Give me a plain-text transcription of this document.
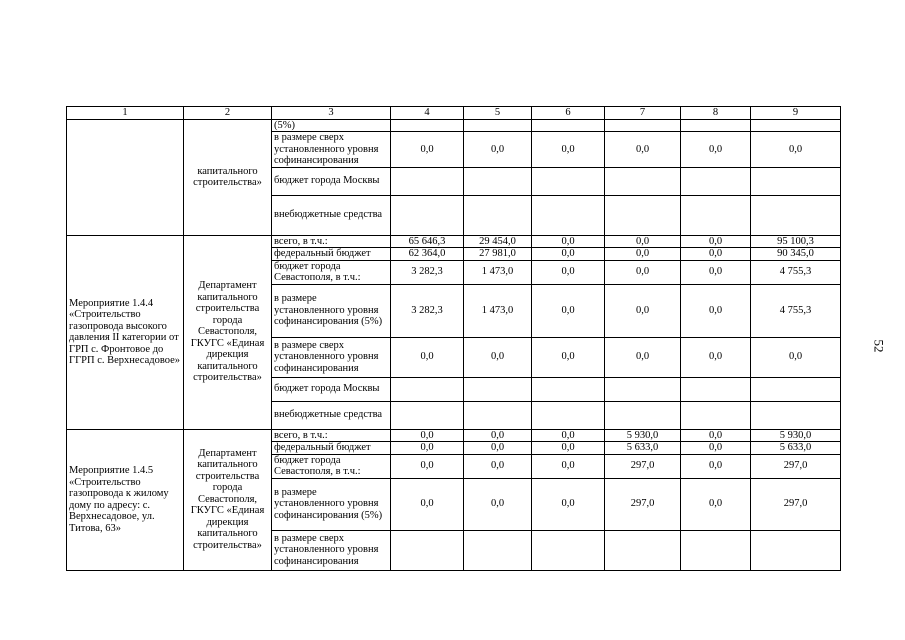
1	2	3	4	5	6	7	8	9
	капитального строительства»	(5%)						
		в размере сверх установленного уровня софинансирования	0,0	0,0	0,0	0,0	0,0	0,0
		бюджет города Москвы						
		внебюджетные средства						
Мероприятие 1.4.4 «Строительство газопровода высокого давления II категории от ГРП с. Фронтовое до ГГРП с. Верхнесадовое»	Департамент капитального строительства города Севастополя, ГКУГС «Единая дирекция капитального строительства»	всего, в т.ч.:	65 646,3	29 454,0	0,0	0,0	0,0	95 100,3
		федеральный бюджет	62 364,0	27 981,0	0,0	0,0	0,0	90 345,0
		бюджет города Севастополя, в т.ч.:	3 282,3	1 473,0	0,0	0,0	0,0	4 755,3
		в размере установленного уровня софинансирования (5%)	3 282,3	1 473,0	0,0	0,0	0,0	4 755,3
		в размере сверх установленного уровня софинансирования	0,0	0,0	0,0	0,0	0,0	0,0
		бюджет города Москвы						
		внебюджетные средства						
Мероприятие 1.4.5 «Строительство газопровода к жилому дому по адресу: с. Верхнесадовое, ул. Титова, 63»	Департамент капитального строительства города Севастополя, ГКУГС «Единая дирекция капитального строительства»	всего, в т.ч.:	0,0	0,0	0,0	5 930,0	0,0	5 930,0
		федеральный бюджет	0,0	0,0	0,0	5 633,0	0,0	5 633,0
		бюджет города Севастополя, в т.ч.:	0,0	0,0	0,0	297,0	0,0	297,0
		в размере установленного уровня софинансирования (5%)	0,0	0,0	0,0	297,0	0,0	297,0
		в размере сверх установленного уровня софинансирования						
52
